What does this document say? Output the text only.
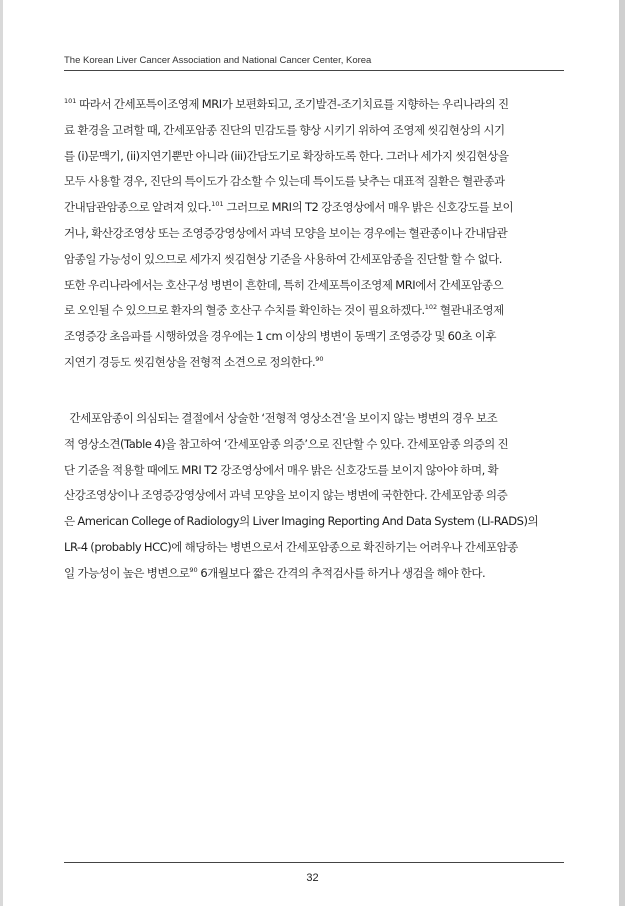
The Korean Liver Cancer Association and National Cancer Center, Korea
$^{101}$ 따라서 간세포특이조영제 MRI가 보편화되고, 조기발견-조기치료를 지향하는 우리나라의 진
료 환경을 고려할 때, 간세포암종 진단의 민감도를 향상 시키기 위하여 조영제 씻김현상의 시기
를 (i)문맥기, (ii)지연기뿐만 아니라 (iii)간담도기로 확장하도록 한다. 그러나 세가지 씻김현상을
모두 사용할 경우, 진단의 특이도가 감소할 수 있는데 특이도를 낮추는 대표적 질환은 혈관종과
간내담관암종으로 알려져 있다.$^{101}$ 그러므로 MRI의 T2 강조영상에서 매우 밝은 신호강도를 보이
거나, 확산강조영상 또는 조영증강영상에서 과녁 모양을 보이는 경우에는 혈관종이나 간내담관
암종일 가능성이 있으므로 세가지 씻김현상 기준을 사용하여 간세포암종을 진단할 할 수 없다.
또한 우리나라에서는 호산구성 병변이 흔한데, 특히 간세포특이조영제 MRI에서 간세포암종으
로 오인될 수 있으므로 환자의 혈중 호산구 수치를 확인하는 것이 필요하겠다.$^{102}$ 혈관내조영제
조영증강 초음파를 시행하였을 경우에는 1 cm 이상의 병변이 동맥기 조영증강 및 60초 이후
지연기 경등도 씻김현상을 전형적 소견으로 정의한다.$^{90}$
간세포암종이 의심되는 결절에서 상술한 ‘전형적 영상소견’을 보이지 않는 병변의 경우 보조
적 영상소견(Table 4)을 참고하여 ‘간세포암종 의증’으로 진단할 수 있다. 간세포암종 의증의 진
단 기준을 적용할 때에도 MRI T2 강조영상에서 매우 밝은 신호강도를 보이지 않아야 하며, 확
산강조영상이나 조영증강영상에서 과녁 모양을 보이지 않는 병변에 국한한다. 간세포암종 의증
은 American College of Radiology의 Liver Imaging Reporting And Data System (LI-RADS)의
LR-4 (probably HCC)에 해당하는 병변으로서 간세포암종으로 확진하기는 어려우나 간세포암종
일 가능성이 높은 병변으로$^{90}$ 6개월보다 짧은 간격의 추적검사를 하거나 생검을 해야 한다.
32
